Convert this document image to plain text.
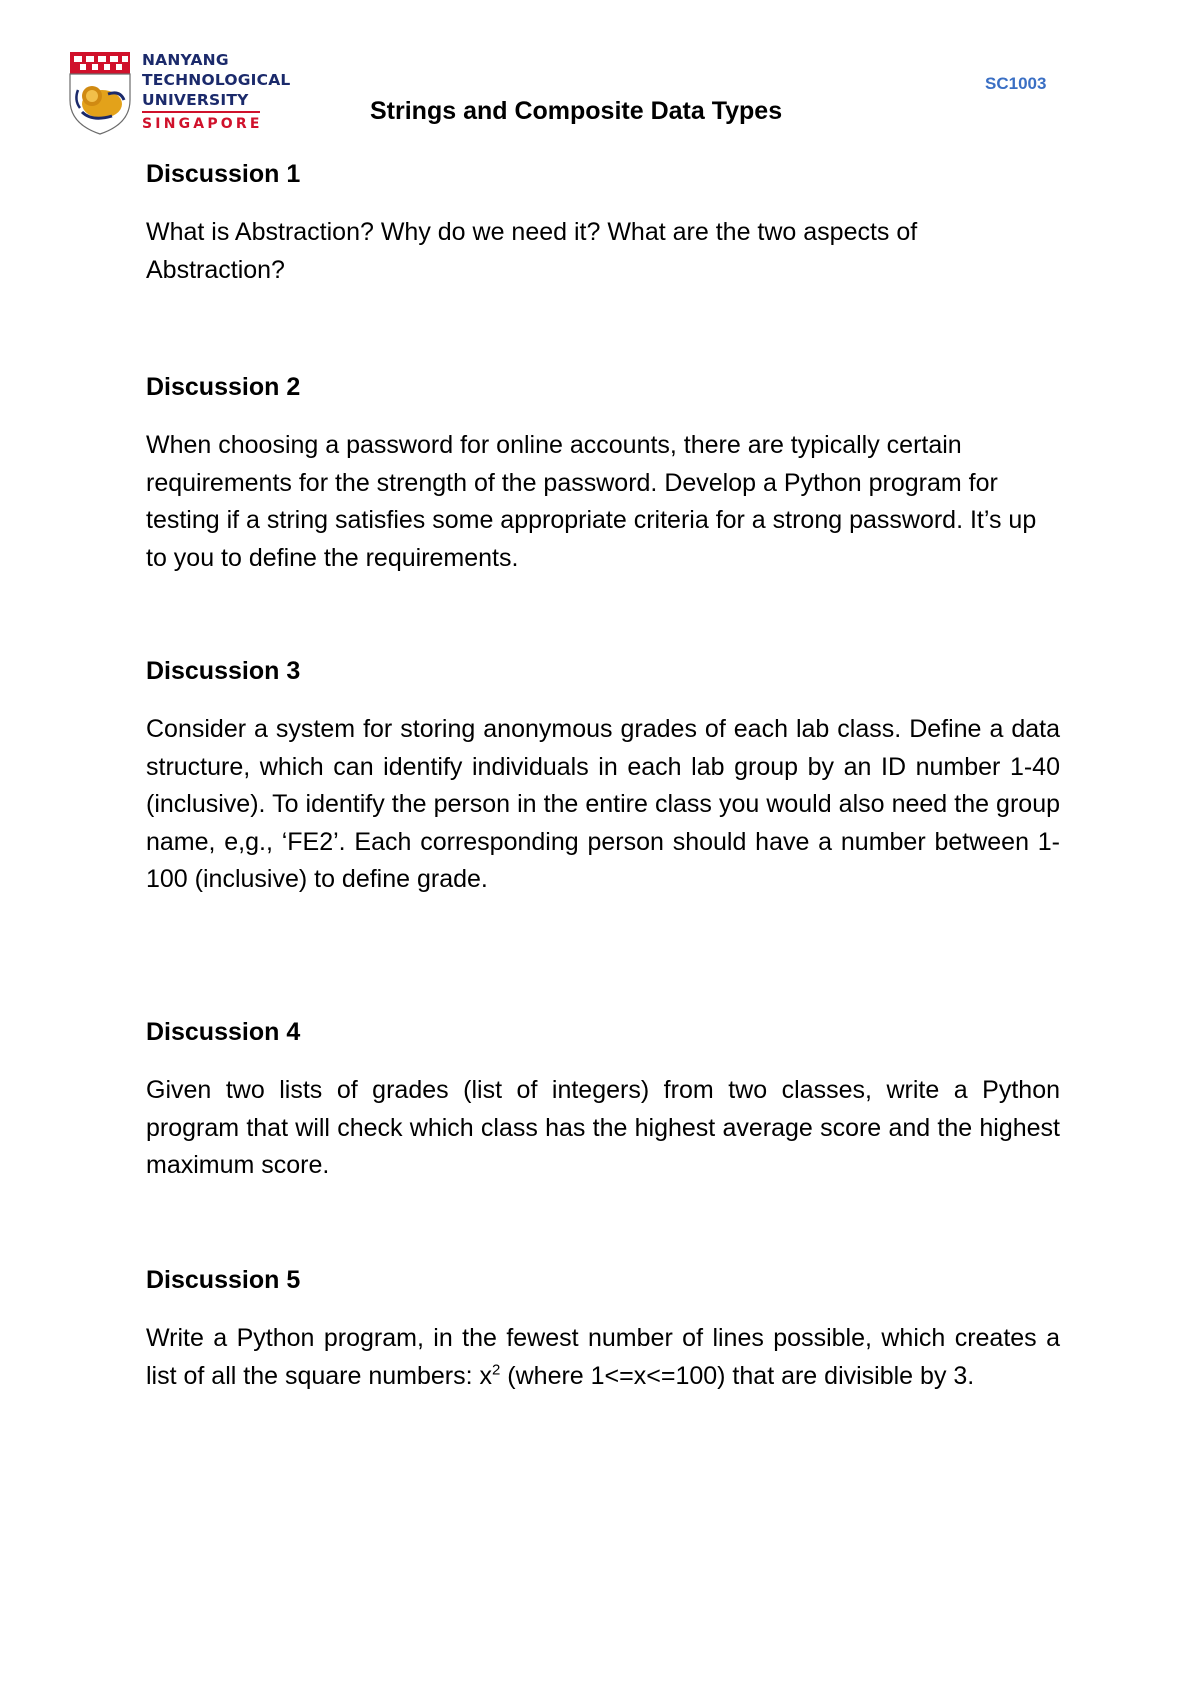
NANYANG
TECHNOLOGICAL
UNIVERSITY
SINGAPORE
SC1003
Strings and Composite Data Types
Discussion 1

What is Abstraction? Why do we need it? What are the two aspects of Abstraction?

Discussion 2

When choosing a password for online accounts, there are typically certain requirements for the strength of the password. Develop a Python program for testing if a string satisfies some appropriate criteria for a strong password. It’s up to you to define the requirements.

Discussion 3

Consider a system for storing anonymous grades of each lab class. Define a data structure, which can identify individuals in each lab group by an ID number 1-40 (inclusive). To identify the person in the entire class you would also need the group name, e,g., ‘FE2’. Each corresponding person should have a number between 1-100 (inclusive) to define grade.

Discussion 4

Given two lists of grades (list of integers) from two classes, write a Python program that will check which class has the highest average score and the highest maximum score.

Discussion 5

Write a Python program, in the fewest number of lines possible, which creates a list of all the square numbers: $x^2$ (where 1<=x<=100) that are divisible by 3.
